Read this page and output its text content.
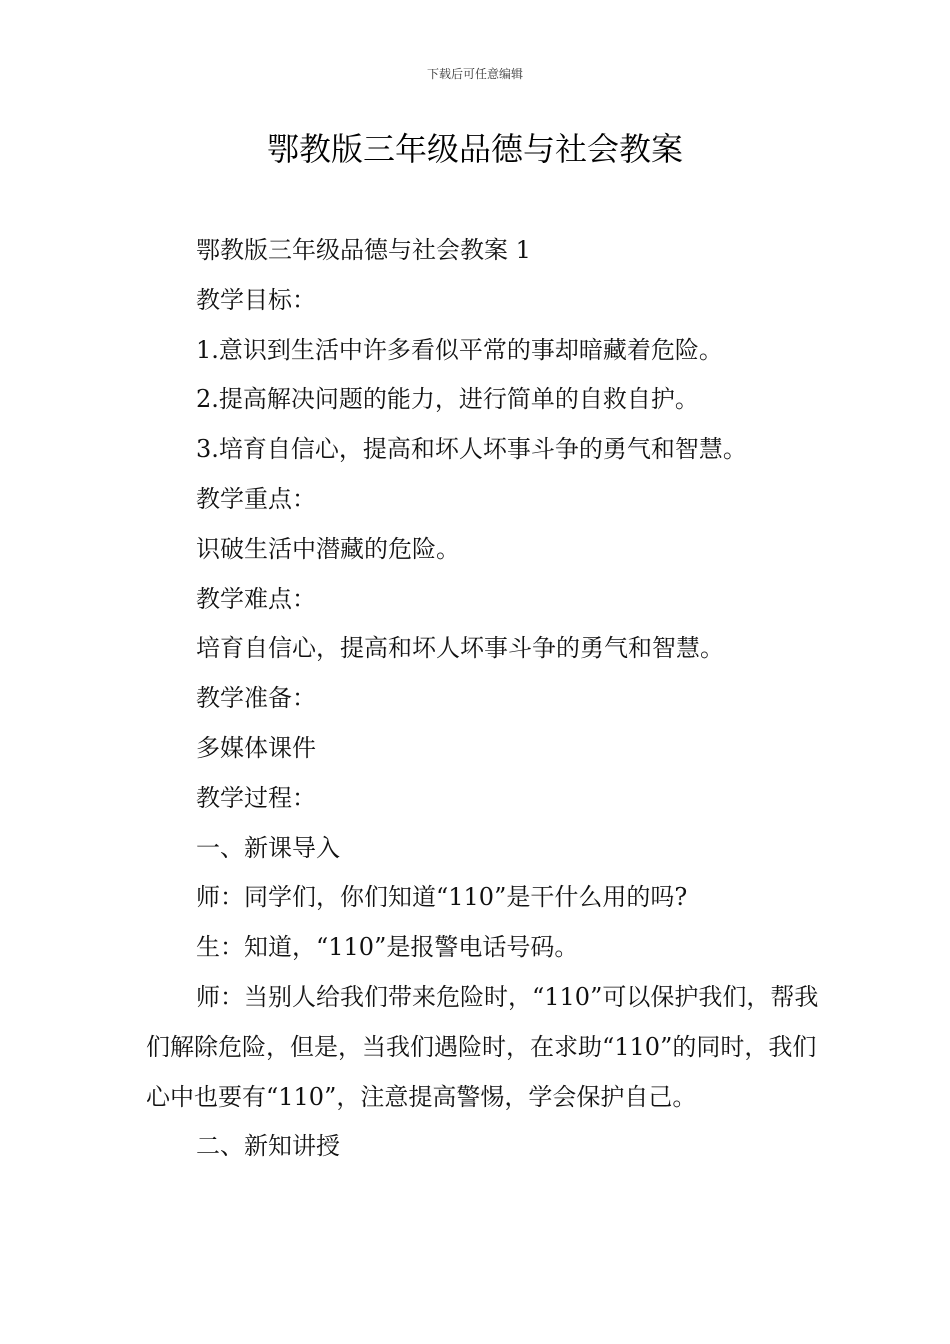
下载后可任意编辑
鄂教版三年级品德与社会教案

鄂教版三年级品德与社会教案 1

教学目标：

1.意识到生活中许多看似平常的事却暗藏着危险。

2.提高解决问题的能力，进行简单的自救自护。

3.培育自信心，提高和坏人坏事斗争的勇气和智慧。

教学重点：

识破生活中潜藏的危险。

教学难点：

培育自信心，提高和坏人坏事斗争的勇气和智慧。

教学准备：

多媒体课件

教学过程：

一、新课导入

师：同学们，你们知道“110”是干什么用的吗?

生：知道，“110”是报警电话号码。

师：当别人给我们带来危险时，“110”可以保护我们，帮我们解除危险，但是，当我们遇险时，在求助“110”的同时，我们心中也要有“110”，注意提高警惕，学会保护自己。

二、新知讲授
